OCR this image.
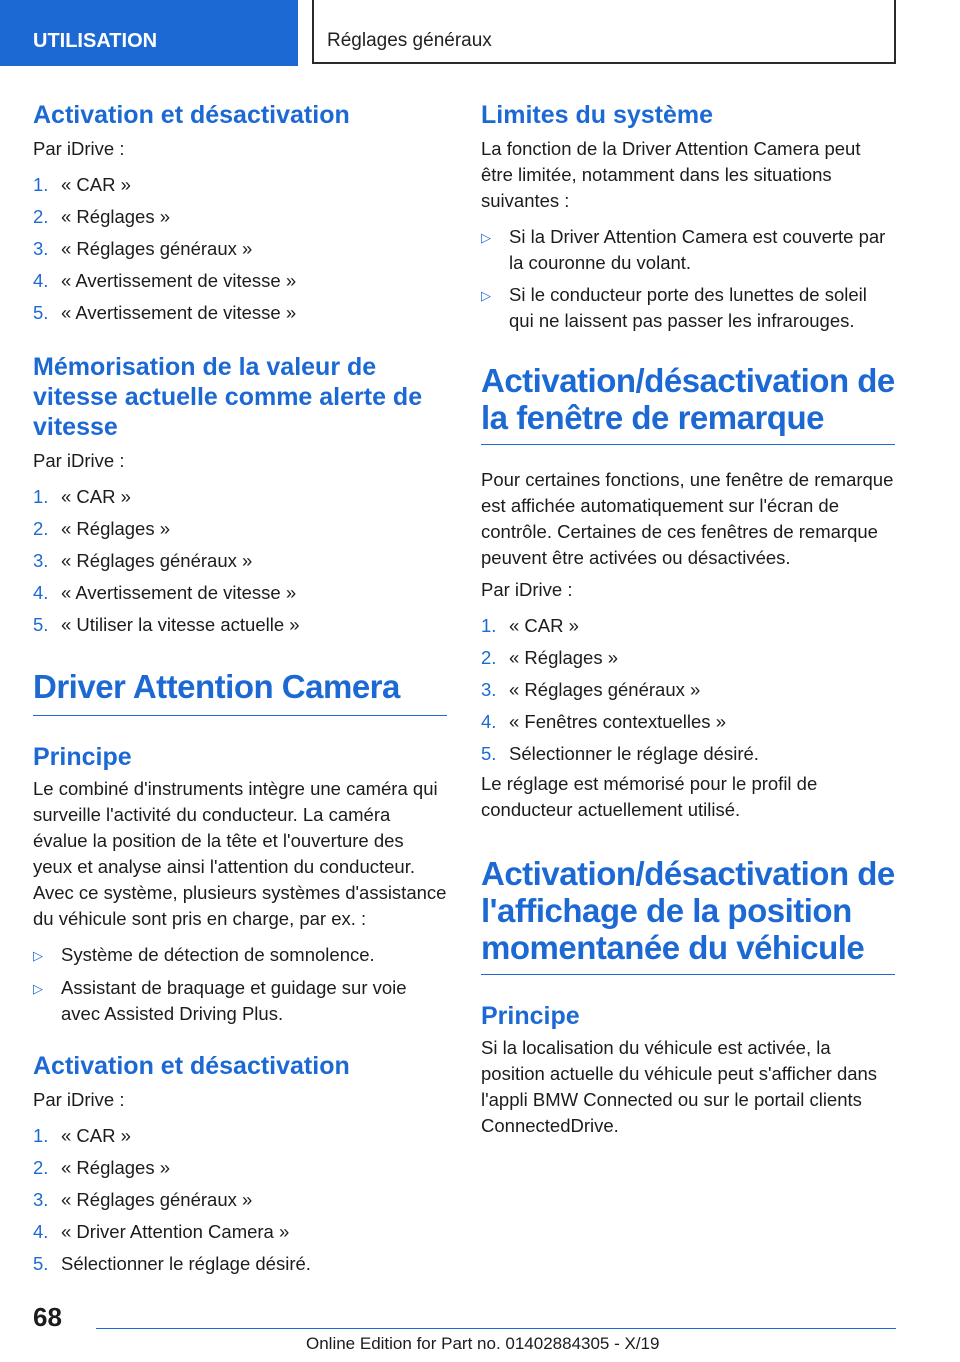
UTILISATION	Réglages généraux
Activation et désactivation

Par iDrive :

1. « CAR »
2. « Réglages »
3. « Réglages généraux »
4. « Avertissement de vitesse »
5. « Avertissement de vitesse »
Mémorisation de la valeur de vitesse actuelle comme alerte de vitesse

Par iDrive :

1. « CAR »
2. « Réglages »
3. « Réglages généraux »
4. « Avertissement de vitesse »
5. « Utiliser la vitesse actuelle »
Driver Attention Camera
Principe

Le combiné d'instruments intègre une caméra qui surveille l'activité du conducteur. La caméra évalue la position de la tête et l'ouverture des yeux et analyse ainsi l'attention du conducteur. Avec ce système, plusieurs systèmes d'assistance du véhicule sont pris en charge, par ex. :

▷ Système de détection de somnolence.
▷ Assistant de braquage et guidage sur voie avec Assisted Driving Plus.
Activation et désactivation

Par iDrive :

1. « CAR »
2. « Réglages »
3. « Réglages généraux »
4. « Driver Attention Camera »
5. Sélectionner le réglage désiré.
Limites du système

La fonction de la Driver Attention Camera peut être limitée, notamment dans les situations suivantes :

▷ Si la Driver Attention Camera est couverte par la couronne du volant.
▷ Si le conducteur porte des lunettes de soleil qui ne laissent pas passer les infrarouges.
Activation/désactivation de la fenêtre de remarque

Pour certaines fonctions, une fenêtre de remarque est affichée automatiquement sur l'écran de contrôle. Certaines de ces fenêtres de remarque peuvent être activées ou désactivées.

Par iDrive :

1. « CAR »
2. « Réglages »
3. « Réglages généraux »
4. « Fenêtres contextuelles »
5. Sélectionner le réglage désiré.

Le réglage est mémorisé pour le profil de conducteur actuellement utilisé.

Activation/désactivation de l'affichage de la position momentanée du véhicule
Principe

Si la localisation du véhicule est activée, la position actuelle du véhicule peut s'afficher dans l'appli BMW Connected ou sur le portail clients ConnectedDrive.

68
Online Edition for Part no. 01402884305 - X/19
